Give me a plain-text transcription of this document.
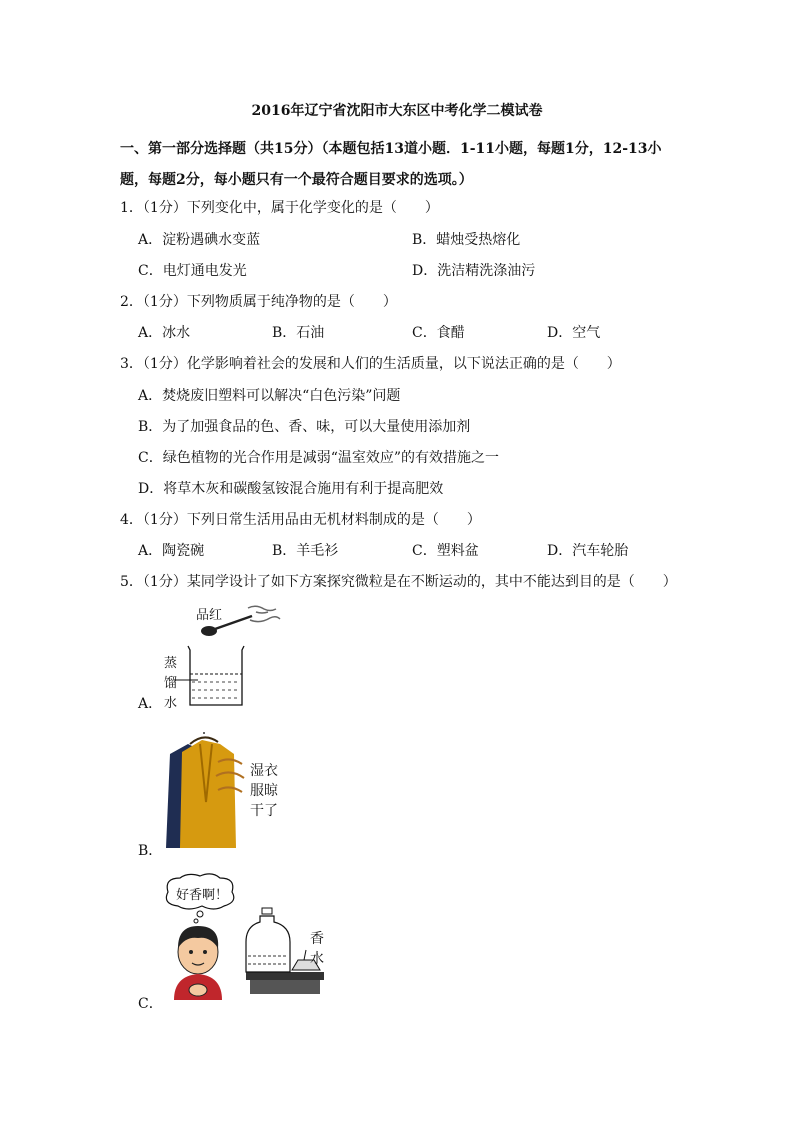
2016年辽宁省沈阳市大东区中考化学二模试卷
一、第一部分选择题（共15分）（本题包括13道小题．1-11小题，每题1分，12-13小题，每题2分，每小题只有一个最符合题目要求的选项。）
1．（1分）下列变化中，属于化学变化的是（　　）
A．淀粉遇碘水变蓝	B．蜡烛受热熔化
C．电灯通电发光	D．洗洁精洗涤油污
2．（1分）下列物质属于纯净物的是（　　）
A．冰水	B．石油	C．食醋	D．空气
3．（1分）化学影响着社会的发展和人们的生活质量，以下说法正确的是（　　）
A．焚烧废旧塑料可以解决“白色污染”问题
B．为了加强食品的色、香、味，可以大量使用添加剂
C．绿色植物的光合作用是减弱“温室效应”的有效措施之一
D．将草木灰和碳酸氢铵混合施用有利于提高肥效
4．（1分）下列日常生活用品由无机材料制成的是（　　）
A．陶瓷碗	B．羊毛衫	C．塑料盆	D．汽车轮胎
5．（1分）某同学设计了如下方案探究微粒是在不断运动的，其中不能达到目的是（　　）
品红
蒸
馏
水
A．
湿衣
服晾
干了
B．
好香啊！
香
水
C．
